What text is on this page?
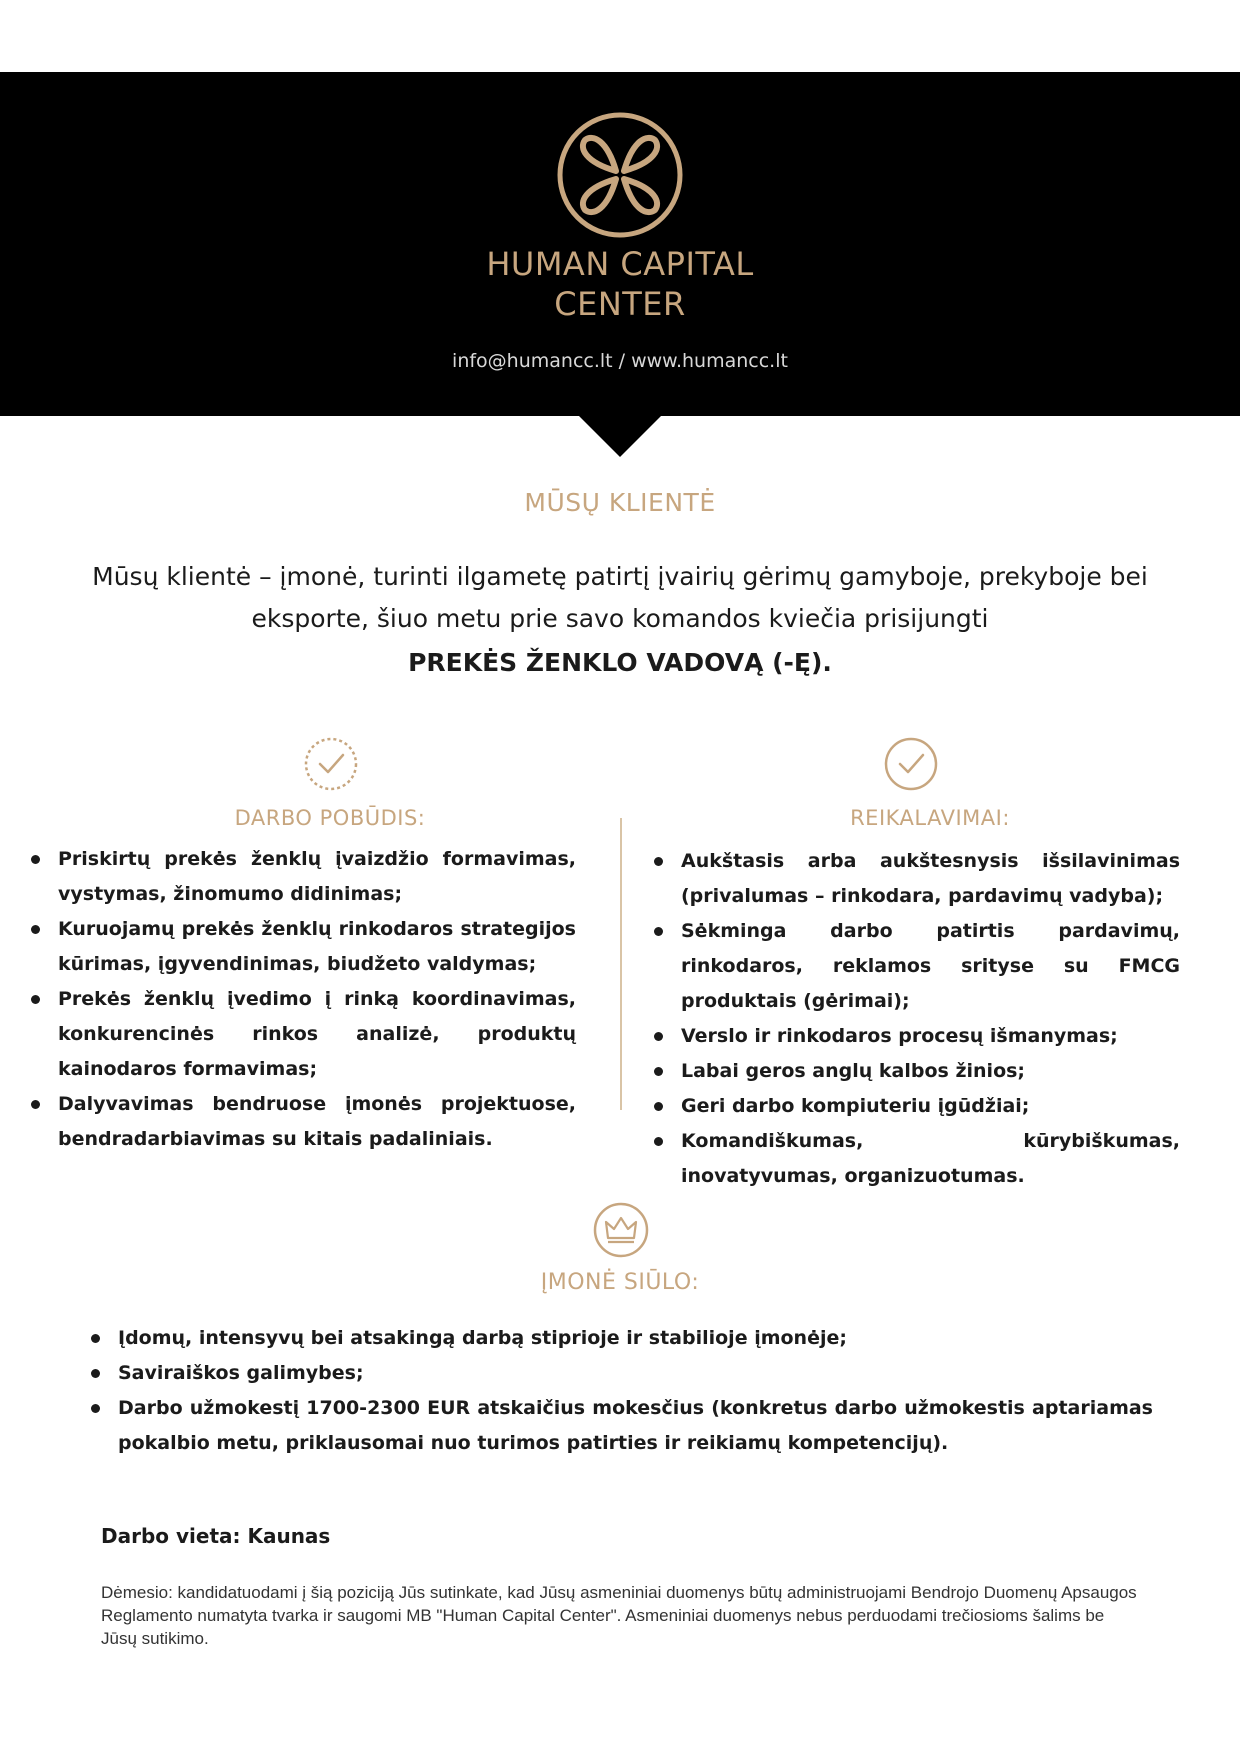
HUMAN CAPITAL
CENTER
info@humancc.lt / www.humancc.lt
MŪSŲ KLIENTĖ
Mūsų klientė – įmonė, turinti ilgametę patirtį įvairių gėrimų gamyboje, prekyboje bei
eksporte, šiuo metu prie savo komandos kviečia prisijungti
PREKĖS ŽENKLO VADOVĄ (-Ę).
DARBO POBŪDIS:
Priskirtų prekės ženklų įvaizdžio formavimas, vystymas, žinomumo didinimas;
Kuruojamų prekės ženklų rinkodaros strategijos kūrimas, įgyvendinimas, biudžeto valdymas;
Prekės ženklų įvedimo į rinką koordinavimas, konkurencinės rinkos analizė, produktų kainodaros formavimas;
Dalyvavimas bendruose įmonės projektuose, bendradarbiavimas su kitais padaliniais.
REIKALAVIMAI:
Aukštasis arba aukštesnysis išsilavinimas (privalumas – rinkodara, pardavimų vadyba);
Sėkminga darbo patirtis pardavimų, rinkodaros, reklamos srityse su FMCG produktais (gėrimai);
Verslo ir rinkodaros procesų išmanymas;
Labai geros anglų kalbos žinios;
Geri darbo kompiuteriu įgūdžiai;
Komandiškumas, kūrybiškumas, inovatyvumas, organizuotumas.
ĮMONĖ SIŪLO:
Įdomų, intensyvų bei atsakingą darbą stiprioje ir stabilioje įmonėje;
Saviraiškos galimybes;
Darbo užmokestį 1700-2300 EUR atskaičius mokesčius (konkretus darbo užmokestis aptariamas pokalbio metu, priklausomai nuo turimos patirties ir reikiamų kompetencijų).
Darbo vieta: Kaunas
Dėmesio: kandidatuodami į šią poziciją Jūs sutinkate, kad Jūsų asmeniniai duomenys būtų administruojami Bendrojo Duomenų Apsaugos Reglamento numatyta tvarka ir saugomi MB "Human Capital Center". Asmeniniai duomenys nebus perduodami trečiosioms šalims be Jūsų sutikimo.
